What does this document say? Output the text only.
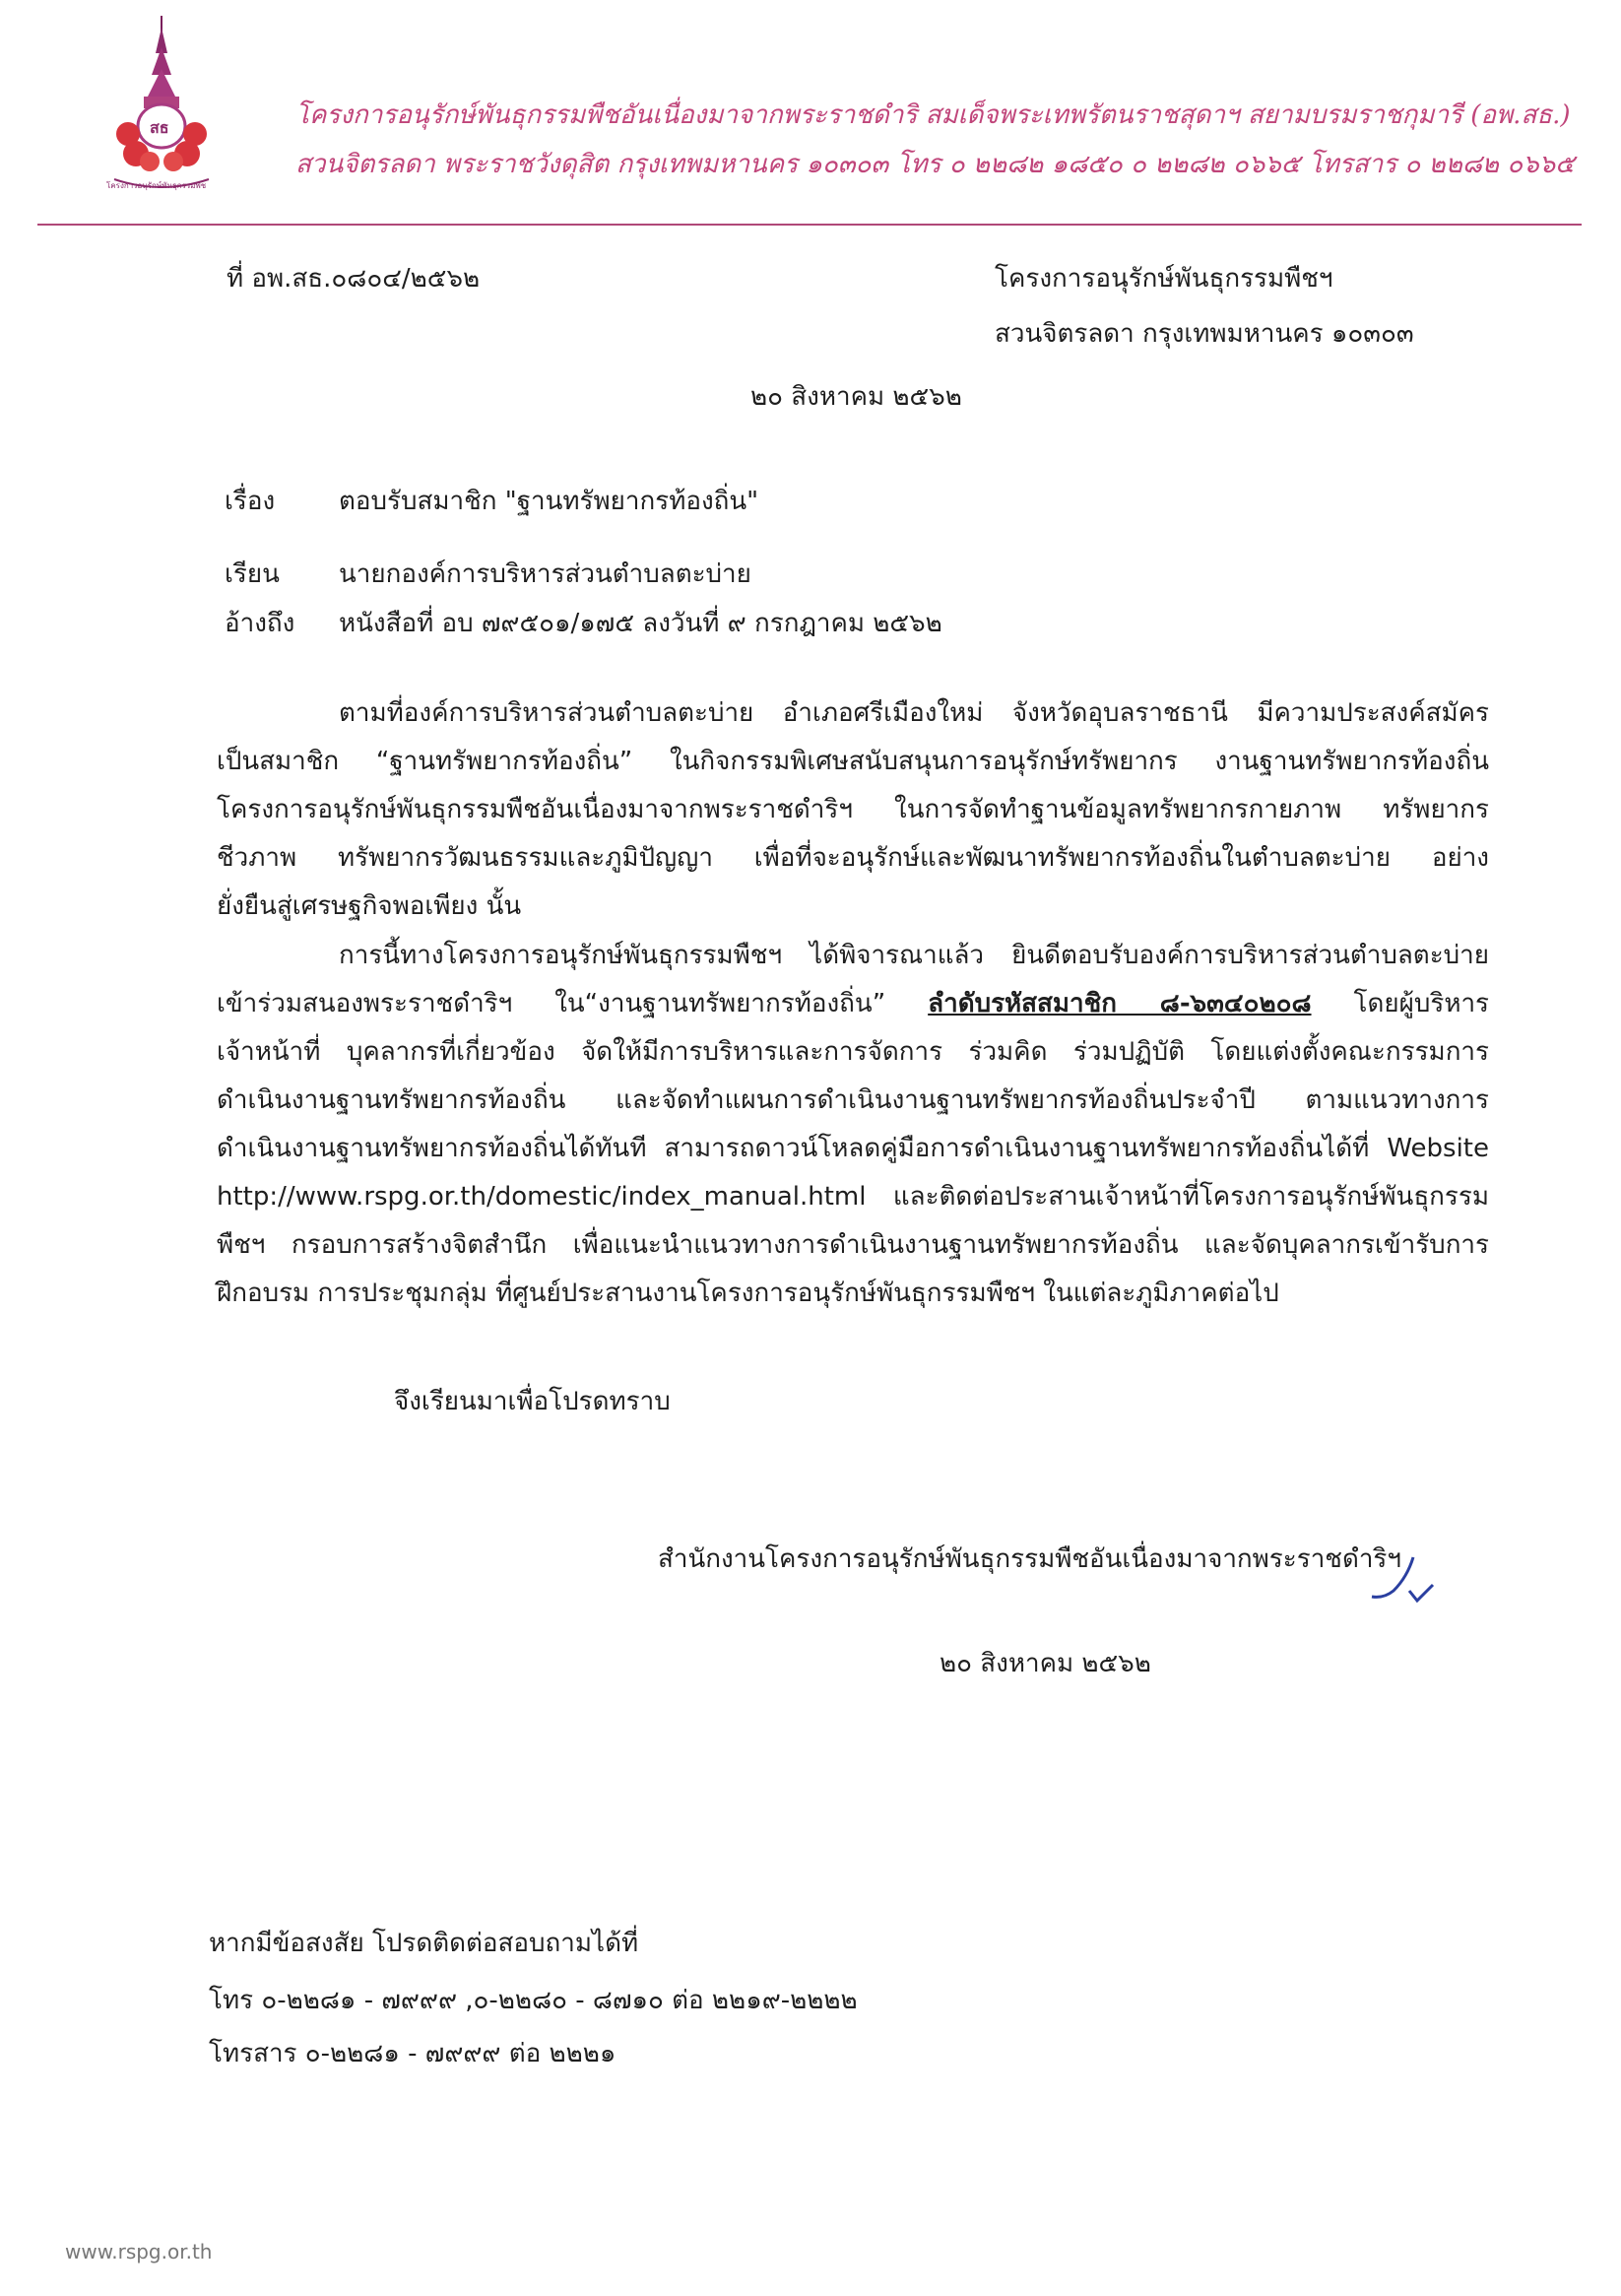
สธ
โครงการอนุรักษ์พันธุกรรมพืช
โครงการอนุรักษ์พันธุกรรมพืชอันเนื่องมาจากพระราชดำริ สมเด็จพระเทพรัตนราชสุดาฯ สยามบรมราชกุมารี (อพ.สธ.)
สวนจิตรลดา พระราชวังดุสิต กรุงเทพมหานคร ๑๐๓๐๓ โทร ๐ ๒๒๘๒ ๑๘๕๐ ๐ ๒๒๘๒ ๐๖๖๕ โทรสาร ๐ ๒๒๘๒ ๐๖๖๕
ที่ อพ.สธ.๐๘๐๔/๒๕๖๒	โครงการอนุรักษ์พันธุกรรมพืชฯ
สวนจิตรลดา กรุงเทพมหานคร ๑๐๓๐๓
๒๐ สิงหาคม ๒๕๖๒
เรื่อง ตอบรับสมาชิก "ฐานทรัพยากรท้องถิ่น"
เรียน นายกองค์การบริหารส่วนตำบลตะบ่าย
อ้างถึง หนังสือที่ อบ ๗๙๕๐๑/๑๗๕ ลงวันที่ ๙ กรกฎาคม ๒๕๖๒
ตามที่องค์การบริหารส่วนตำบลตะบ่าย อำเภอศรีเมืองใหม่ จังหวัดอุบลราชธานี มีความประสงค์สมัคร
เป็นสมาชิก “ฐานทรัพยากรท้องถิ่น” ในกิจกรรมพิเศษสนับสนุนการอนุรักษ์ทรัพยากร งานฐานทรัพยากรท้องถิ่น
โครงการอนุรักษ์พันธุกรรมพืชอันเนื่องมาจากพระราชดำริฯ ในการจัดทำฐานข้อมูลทรัพยากรกายภาพ ทรัพยากร
ชีวภาพ ทรัพยากรวัฒนธรรมและภูมิปัญญา เพื่อที่จะอนุรักษ์และพัฒนาทรัพยากรท้องถิ่นในตำบลตะบ่าย อย่าง
ยั่งยืนสู่เศรษฐกิจพอเพียง นั้น
การนี้ทางโครงการอนุรักษ์พันธุกรรมพืชฯ ได้พิจารณาแล้ว ยินดีตอบรับองค์การบริหารส่วนตำบลตะบ่าย
เข้าร่วมสนองพระราชดำริฯ ใน“งานฐานทรัพยากรท้องถิ่น” ลำดับรหัสสมาชิก ๘-๖๓๔๐๒๐๘ โดยผู้บริหาร
เจ้าหน้าที่ บุคลากรที่เกี่ยวข้อง จัดให้มีการบริหารและการจัดการ ร่วมคิด ร่วมปฏิบัติ โดยแต่งตั้งคณะกรรมการ
ดำเนินงานฐานทรัพยากรท้องถิ่น และจัดทำแผนการดำเนินงานฐานทรัพยากรท้องถิ่นประจำปี ตามแนวทางการ
ดำเนินงานฐานทรัพยากรท้องถิ่นได้ทันที สามารถดาวน์โหลดคู่มือการดำเนินงานฐานทรัพยากรท้องถิ่นได้ที่ Website
http://www.rspg.or.th/domestic/index_manual.html และติดต่อประสานเจ้าหน้าที่โครงการอนุรักษ์พันธุกรรม
พืชฯ กรอบการสร้างจิตสำนึก เพื่อแนะนำแนวทางการดำเนินงานฐานทรัพยากรท้องถิ่น และจัดบุคลากรเข้ารับการ
ฝึกอบรม การประชุมกลุ่ม ที่ศูนย์ประสานงานโครงการอนุรักษ์พันธุกรรมพืชฯ ในแต่ละภูมิภาคต่อไป
จึงเรียนมาเพื่อโปรดทราบ
สำนักงานโครงการอนุรักษ์พันธุกรรมพืชอันเนื่องมาจากพระราชดำริฯ
๒๐ สิงหาคม ๒๕๖๒
หากมีข้อสงสัย โปรดติดต่อสอบถามได้ที่
โทร ๐-๒๒๘๑ - ๗๙๙๙ ,๐-๒๒๘๐ - ๘๗๑๐ ต่อ ๒๒๑๙-๒๒๒๒
โทรสาร ๐-๒๒๘๑ - ๗๙๙๙ ต่อ ๒๒๒๑
www.rspg.or.th
